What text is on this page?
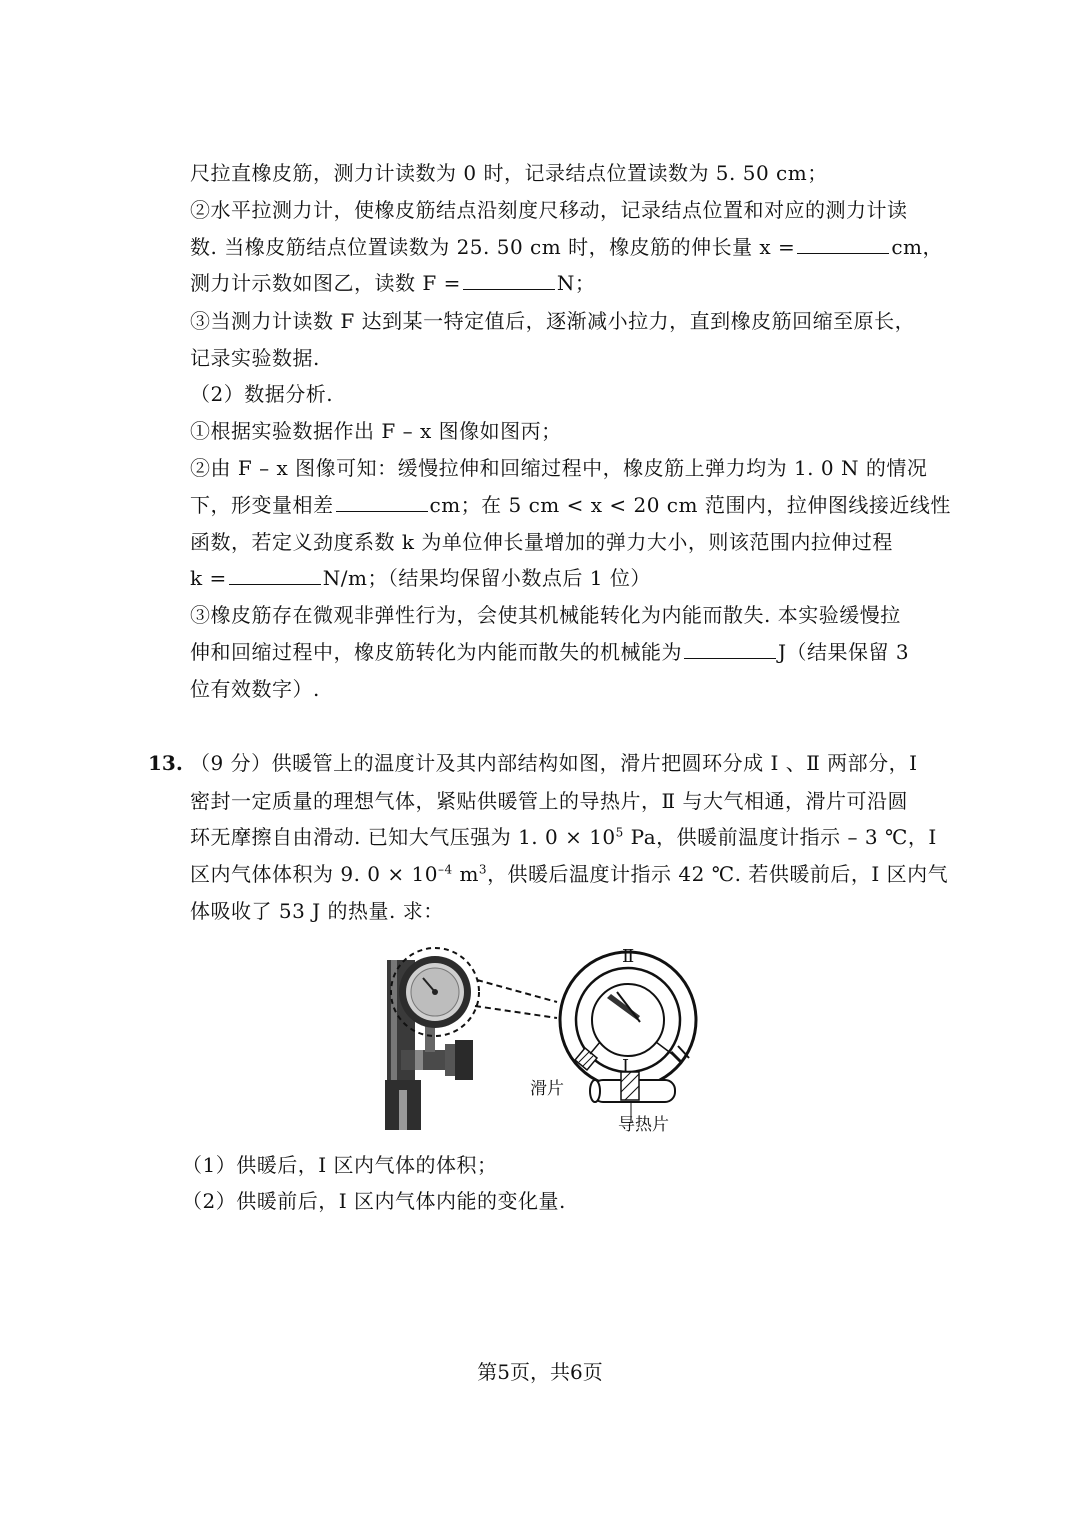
尺拉直橡皮筋，测力计读数为 0 时，记录结点位置读数为 5. 50 cm；
②水平拉测力计，使橡皮筋结点沿刻度尺移动，记录结点位置和对应的测力计读
数. 当橡皮筋结点位置读数为 25. 50 cm 时，橡皮筋的伸长量 x =	cm，
测力计示数如图乙，读数 F =	N；
③当测力计读数 F 达到某一特定值后，逐渐减小拉力，直到橡皮筋回缩至原长，
记录实验数据.
（2）数据分析.
①根据实验数据作出 F – x 图像如图丙；
②由 F – x 图像可知：缓慢拉伸和回缩过程中，橡皮筋上弹力均为 1. 0 N 的情况
下，形变量相差	cm；在 5 cm < x < 20 cm 范围内，拉伸图线接近线性
函数，若定义劲度系数 k 为单位伸长量增加的弹力大小，则该范围内拉伸过程
k =	N/m；（结果均保留小数点后 1 位）
③橡皮筋存在微观非弹性行为，会使其机械能转化为内能而散失. 本实验缓慢拉
伸和回缩过程中，橡皮筋转化为内能而散失的机械能为	J（结果保留 3
位有效数字）.
13. （9 分）供暖管上的温度计及其内部结构如图，滑片把圆环分成 Ⅰ 、Ⅱ 两部分，Ⅰ
密封一定质量的理想气体，紧贴供暖管上的导热片，Ⅱ 与大气相通，滑片可沿圆
环无摩擦自由滑动. 已知大气压强为 1. $0 \times 10^5$ Pa，供暖前温度计指示 – 3 ℃，Ⅰ
区内气体体积为 9. $0 \times 10^{-4}$ $m^3$，供暖后温度计指示 42 ℃. 若供暖前后，Ⅰ 区内气
体吸收了 53 J 的热量. 求：
Ⅱ
Ⅰ
滑片
导热片
（1）供暖后，Ⅰ 区内气体的体积；
（2）供暖前后，Ⅰ 区内气体内能的变化量.
第5页，共6页
